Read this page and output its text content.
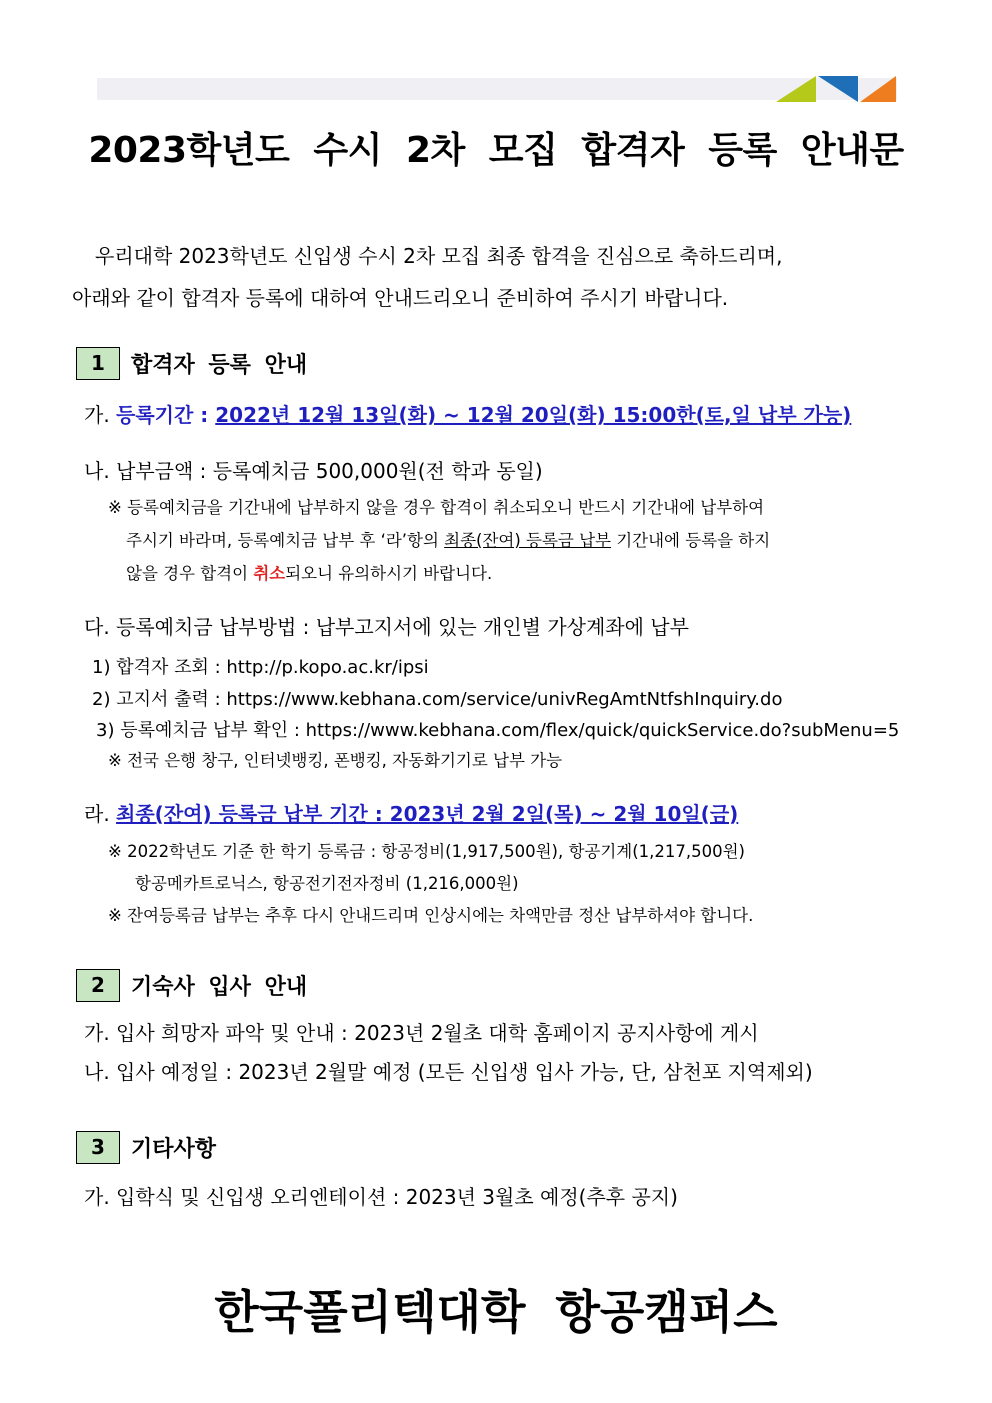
2023학년도 수시 2차 모집 합격자 등록 안내문
우리대학 2023학년도 신입생 수시 2차 모집 최종 합격을 진심으로 축하드리며,
아래와 같이 합격자 등록에 대하여 안내드리오니 준비하여 주시기 바랍니다.
1	합격자 등록 안내
가. 등록기간 : 2022년 12월 13일(화) ~ 12월 20일(화) 15:00한(토,일 납부 가능)
나. 납부금액 : 등록예치금 500,000원(전 학과 동일)
※ 등록예치금을 기간내에 납부하지 않을 경우 합격이 취소되오니 반드시 기간내에 납부하여
주시기 바라며, 등록예치금 납부 후 ‘라’항의 최종(잔여) 등록금 납부 기간내에 등록을 하지
않을 경우 합격이 취소되오니 유의하시기 바랍니다.
다. 등록예치금 납부방법 : 납부고지서에 있는 개인별 가상계좌에 납부
1) 합격자 조회 : http://p.kopo.ac.kr/ipsi
2) 고지서 출력 : https://www.kebhana.com/service/univRegAmtNtfshInquiry.do
3) 등록예치금 납부 확인 : https://www.kebhana.com/flex/quick/quickService.do?subMenu=5
※ 전국 은행 창구, 인터넷뱅킹, 폰뱅킹, 자동화기기로 납부 가능
라. 최종(잔여) 등록금 납부 기간 : 2023년 2월 2일(목) ~ 2월 10일(금)
※ 2022학년도 기준 한 학기 등록금 : 항공정비(1,917,500원), 항공기계(1,217,500원)
항공메카트로닉스, 항공전기전자정비 (1,216,000원)
※ 잔여등록금 납부는 추후 다시 안내드리며 인상시에는 차액만큼 정산 납부하셔야 합니다.
2	기숙사 입사 안내
가. 입사 희망자 파악 및 안내 : 2023년 2월초 대학 홈페이지 공지사항에 게시
나. 입사 예정일 : 2023년 2월말 예정 (모든 신입생 입사 가능, 단, 삼천포 지역제외)
3	기타사항
가. 입학식 및 신입생 오리엔테이션 : 2023년 3월초 예정(추후 공지)
한국폴리텍대학 항공캠퍼스
